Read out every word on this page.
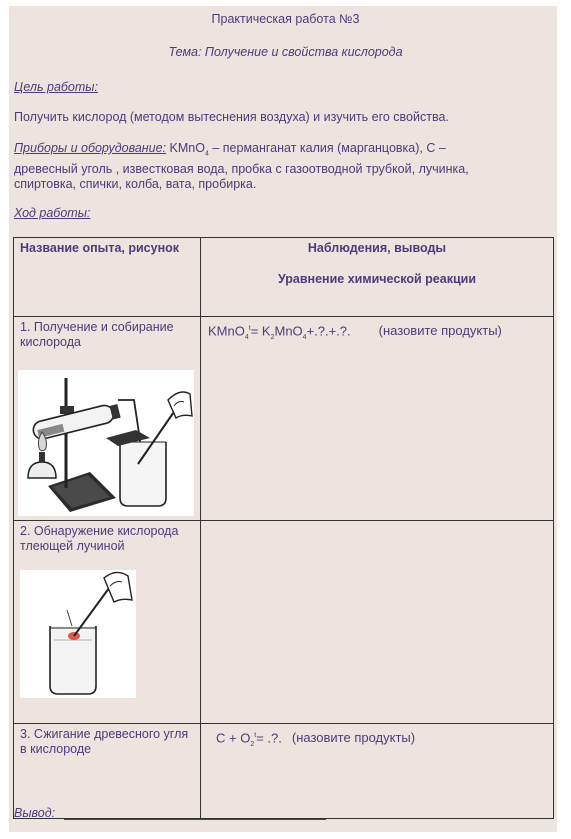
Практическая работа №3
Тема: Получение и свойства кислорода
Цель работы:
Получить кислород (методом вытеснения воздуха) и изучить его свойства.
Приборы и оборудование: KMnO$_4$ – перманганат калия (марганцовка), С –
древесный уголь , известковая вода, пробка с газоотводной трубкой, лучинка,
спиртовка, спички, колба, вата, пробирка.
Ход работы:
Название опыта, рисунок	Наблюдения, выводы
Уравнение химической реакции

1. Получение и собирание кислорода	KMnO$_4^t$= $K_2MnO_4+.?.+$.?. (назовите продукты)

2. Обнаружение кислорода тлеющей лучиной	

3. Сжигание древесного угля в кислороде	$C + O_2^t=$ .?. (назовите продукты)
Вывод:
